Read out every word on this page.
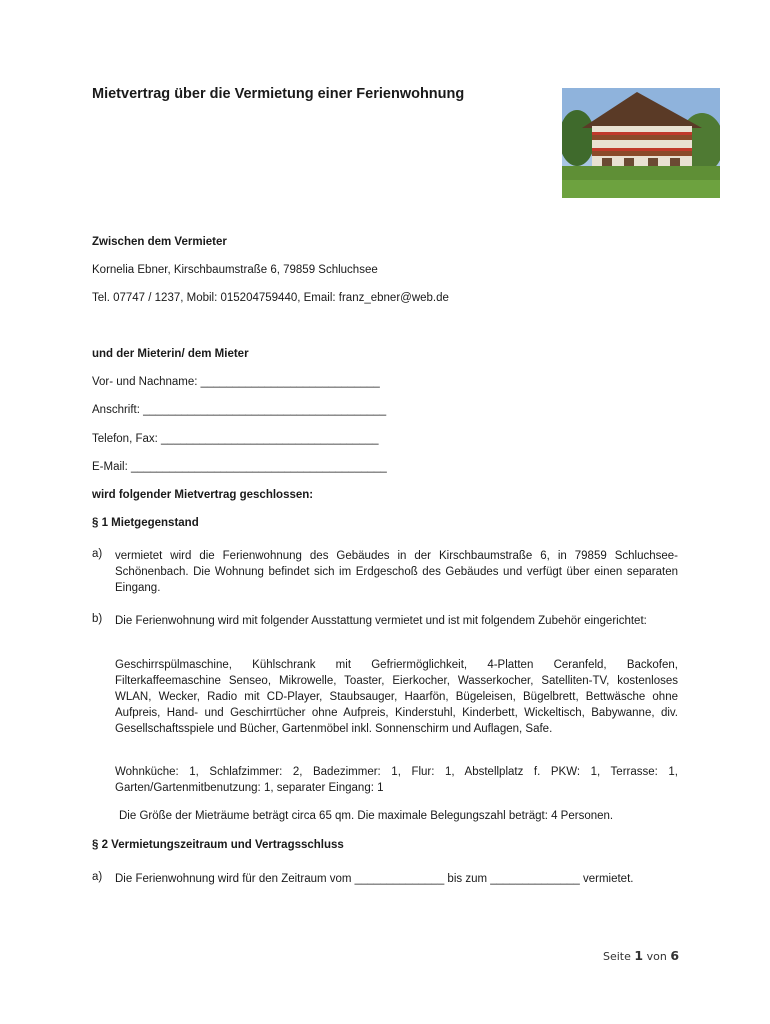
Mietvertrag über die Vermietung einer Ferienwohnung
Zwischen dem Vermieter
Kornelia Ebner, Kirschbaumstraße 6, 79859 Schluchsee
Tel. 07747 / 1237, Mobil: 015204759440, Email: franz_ebner@web.de
und der Mieterin/ dem Mieter
Vor- und Nachname: ____________________________
Anschrift: ______________________________________
Telefon, Fax: __________________________________
E-Mail: ________________________________________
wird folgender Mietvertrag geschlossen:
§ 1 Mietgegenstand
a) vermietet wird die Ferienwohnung des Gebäudes in der Kirschbaumstraße 6, in 79859 Schluchsee-Schönenbach. Die Wohnung befindet sich im Erdgeschoß des Gebäudes und verfügt über einen separaten Eingang.
b) Die Ferienwohnung wird mit folgender Ausstattung vermietet und ist mit folgendem Zubehör eingerichtet:
Geschirrspülmaschine, Kühlschrank mit Gefriermöglichkeit, 4-Platten Ceranfeld, Backofen, Filterkaffeemaschine Senseo, Mikrowelle, Toaster, Eierkocher, Wasserkocher, Satelliten-TV, kostenloses WLAN, Wecker, Radio mit CD-Player, Staubsauger, Haarfön, Bügeleisen, Bügelbrett, Bettwäsche ohne Aufpreis, Hand- und Geschirrtücher ohne Aufpreis, Kinderstuhl, Kinderbett, Wickeltisch, Babywanne, div. Gesellschaftsspiele und Bücher, Gartenmöbel inkl. Sonnenschirm und Auflagen, Safe.
Wohnküche: 1, Schlafzimmer: 2, Badezimmer: 1, Flur: 1, Abstellplatz f. PKW: 1, Terrasse: 1, Garten/Gartenmitbenutzung: 1, separater Eingang: 1
Die Größe der Mieträume beträgt circa 65 qm. Die maximale Belegungszahl beträgt: 4 Personen.
§ 2 Vermietungszeitraum und Vertragsschluss
a) Die Ferienwohnung wird für den Zeitraum vom ______________ bis zum ______________ vermietet.
Seite 1 von 6
